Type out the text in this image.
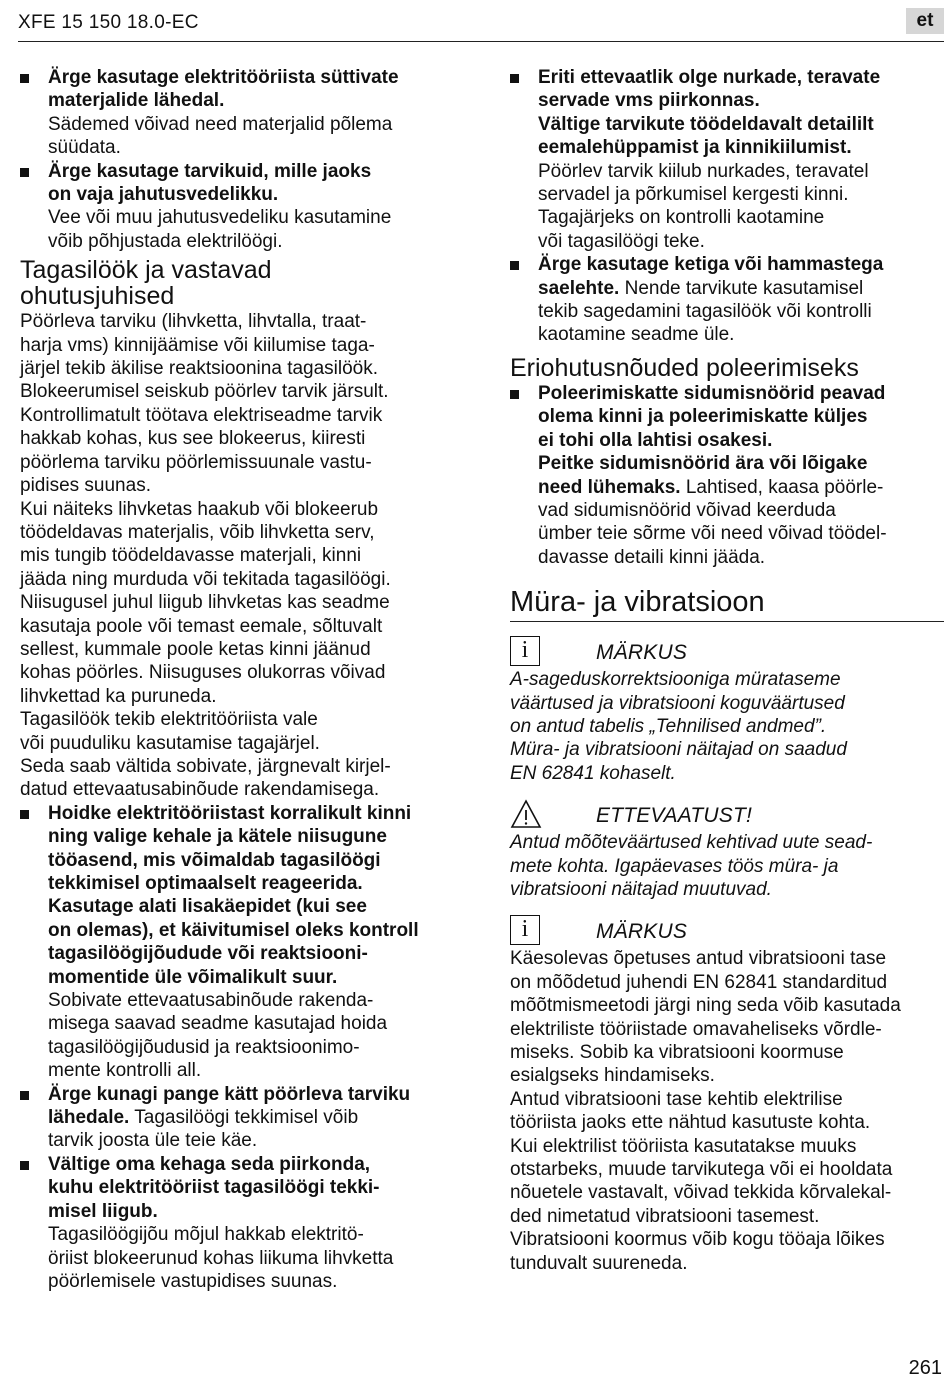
XFE 15 150 18.0-EC	et
Ärge kasutage elektritööriista süttivate
materjalide lähedal.
Sädemed võivad need materjalid põlema
süüdata.
Ärge kasutage tarvikuid, mille jaoks
on vaja jahutusvedelikku.
Vee või muu jahutusvedeliku kasutamine
võib põhjustada elektrilöögi.
Tagasilöök ja vastavad
ohutusjuhised
Pöörleva tarviku (lihvketta, lihvtalla, traat-
harja vms) kinnijäämise või kiilumise taga-
järjel tekib äkilise reaktsioonina tagasilöök.
Blokeerumisel seiskub pöörlev tarvik järsult.
Kontrollimatult töötava elektriseadme tarvik
hakkab kohas, kus see blokeerus, kiiresti
pöörlema tarviku pöörlemissuunale vastu-
pidises suunas.
Kui näiteks lihvketas haakub või blokeerub
töödeldavas materjalis, võib lihvketta serv,
mis tungib töödeldavasse materjali, kinni
jääda ning murduda või tekitada tagasilöögi.
Niisugusel juhul liigub lihvketas kas seadme
kasutaja poole või temast eemale, sõltuvalt
sellest, kummale poole ketas kinni jäänud
kohas pöörles. Niisuguses olukorras võivad
lihvkettad ka puruneda.
Tagasilöök tekib elektritööriista vale
või puuduliku kasutamise tagajärjel.
Seda saab vältida sobivate, järgnevalt kirjel-
datud ettevaatusabinõude rakendamisega.
Hoidke elektritööriistast korralikult kinni
ning valige kehale ja kätele niisugune
tööasend, mis võimaldab tagasilöögi
tekkimisel optimaalselt reageerida.
Kasutage alati lisakäepidet (kui see
on olemas), et käivitumisel oleks kontroll
tagasilöögijõudude või reaktsiooni-
momentide üle võimalikult suur.
Sobivate ettevaatusabinõude rakenda-
misega saavad seadme kasutajad hoida
tagasilöögijõudusid ja reaktsioonimo-
mente kontrolli all.
Ärge kunagi pange kätt pöörleva tarviku
lähedale. Tagasilöögi tekkimisel võib
tarvik joosta üle teie käe.
Vältige oma kehaga seda piirkonda,
kuhu elektritööriist tagasilöögi tekki-
misel liigub.
Tagasilöögijõu mõjul hakkab elektritö-
öriist blokeerunud kohas liikuma lihvketta
pöörlemisele vastupidises suunas.
Eriti ettevaatlik olge nurkade, teravate
servade vms piirkonnas.
Vältige tarvikute töödeldavalt detaililt
eemalehüppamist ja kinnikiilumist.
Pöörlev tarvik kiilub nurkades, teravatel
servadel ja põrkumisel kergesti kinni.
Tagajärjeks on kontrolli kaotamine
või tagasilöögi teke.
Ärge kasutage ketiga või hammastega
saelehte. Nende tarvikute kasutamisel
tekib sagedamini tagasilöök või kontrolli
kaotamine seadme üle.
Eriohutusnõuded poleerimiseks
Poleerimiskatte sidumisnöörid peavad
olema kinni ja poleerimiskatte küljes
ei tohi olla lahtisi osakesi.
Peitke sidumisnöörid ära või lõigake
need lühemaks. Lahtised, kaasa pöörle-
vad sidumisnöörid võivad keerduda
ümber teie sõrme või need võivad töödel-
davasse detaili kinni jääda.
Müra- ja vibratsioon
i	MÄRKUS
A-sageduskorrektsiooniga mürataseme
väärtused ja vibratsiooni koguväärtused
on antud tabelis „Tehnilised andmed”.
Müra- ja vibratsiooni näitajad on saadud
EN 62841 kohaselt.
ETTEVAATUST!
Antud mõõteväärtused kehtivad uute sead-
mete kohta. Igapäevases töös müra- ja
vibratsiooni näitajad muutuvad.
i	MÄRKUS
Käesolevas õpetuses antud vibratsiooni tase
on mõõdetud juhendi EN 62841 standarditud
mõõtmismeetodi järgi ning seda võib kasutada
elektriliste tööriistade omavaheliseks võrdle-
miseks. Sobib ka vibratsiooni koormuse
esialgseks hindamiseks.
Antud vibratsiooni tase kehtib elektrilise
tööriista jaoks ette nähtud kasutuste kohta.
Kui elektrilist tööriista kasutatakse muuks
otstarbeks, muude tarvikutega või ei hooldata
nõuetele vastavalt, võivad tekkida kõrvalekal-
ded nimetatud vibratsiooni tasemest.
Vibratsiooni koormus võib kogu tööaja lõikes
tunduvalt suureneda.
261
